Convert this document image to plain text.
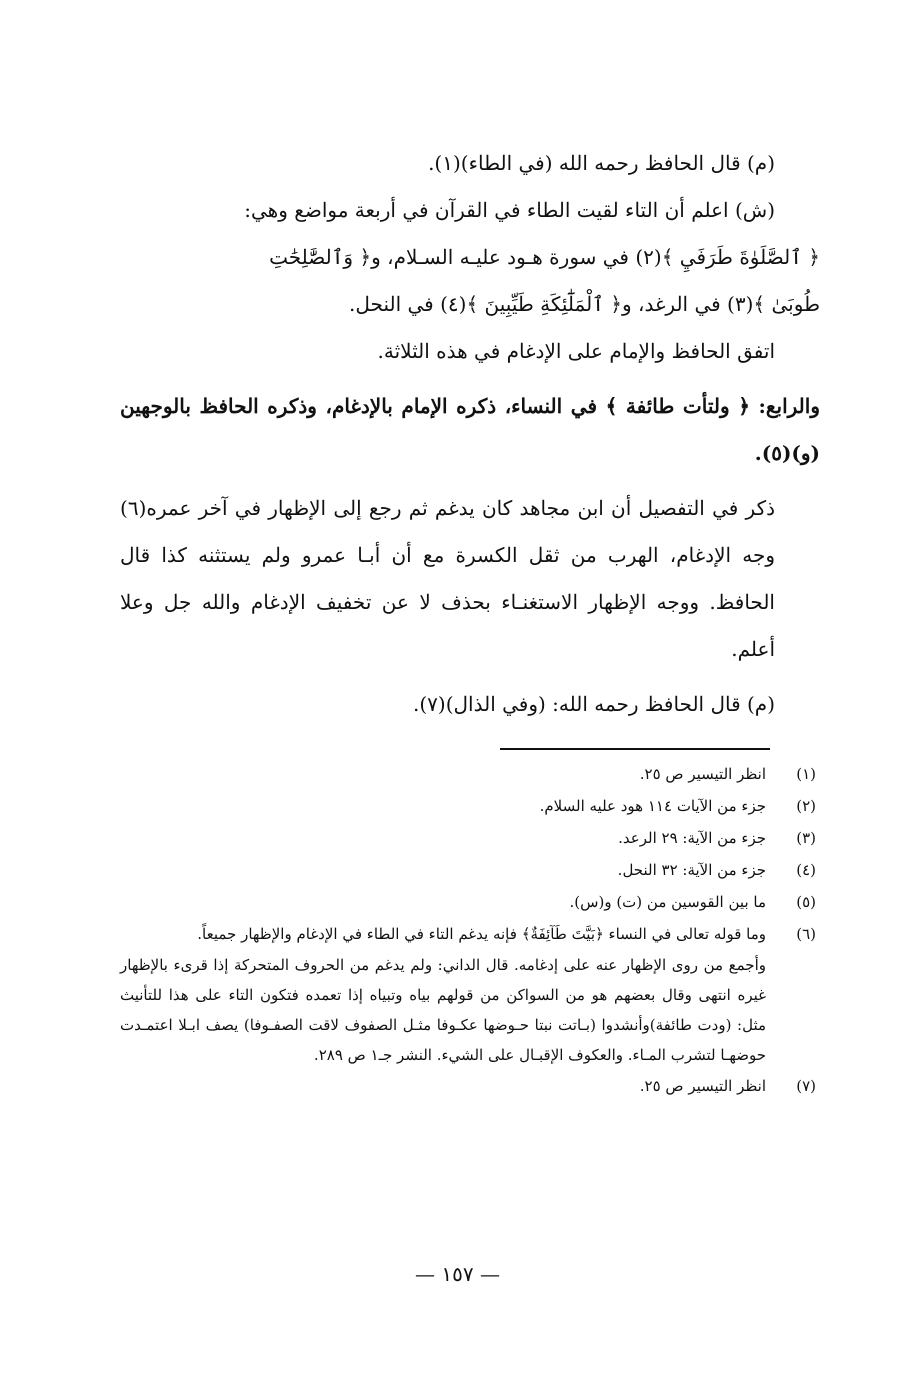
(م) قال الحافظ رحمه الله (في الطاء)(١).

(ش) اعلم أن التاء لقيت الطاء في القرآن في أربعة مواضع وهي:

﴿ ٱلصَّلَوٰةَ طَرَفَيِ ﴾(٢) في سورة هـود عليـه السـلام، و﴿ وَٱلصَّٰلِحَٰتِ

طُوبَىٰ ﴾(٣) في الرغد، و﴿ ٱلْمَلَٰٓئِكَةِ طَيِّبِينَ ﴾(٤) في النحل.

اتفق الحافظ والإمام على الإدغام في هذه الثلاثة.

والرابع: ﴿ ولتأت طائفة ﴾ في النساء، ذكره الإمام بالإدغام، وذكره الحافظ بالوجهين (و)(٥).

ذكر في التفصيل أن ابن مجاهد كان يدغم ثم رجع إلى الإظهار في آخر عمره(٦) وجه الإدغام، الهرب من ثقل الكسرة مع أن أبـا عمرو ولم يستثنه كذا قال الحافظ. ووجه الإظهار الاستغنـاء بحذف لا عن تخفيف الإدغام والله جل وعلا أعلم.

(م) قال الحافظ رحمه الله: (وفي الذال)(٧).

(١)
انظر التيسير ص ٢٥.
(٢)
جزء من الآيات ١١٤ هود عليه السلام.
(٣)
جزء من الآية: ٢٩ الرعد.
(٤)
جزء من الآية: ٣٢ النحل.
(٥)
ما بين القوسين من (ت) و(س).
(٦)
وما قوله تعالى في النساء ﴿بَيَّتَ طَآئِفَةٌ﴾ فإنه يدغم التاء في الطاء في الإدغام والإظهار جميعاً.
وأجمع من روى الإظهار عنه على إدغامه. قال الداني: ولم يدغم من الحروف المتحركة إذا قرىء بالإظهار غيره انتهى وقال بعضهم هو من السواكن من قولهم بياه وتبياه إذا تعمده فتكون التاء على هذا للتأنيث مثل: (ودت طائفة)وأنشدوا (بـاتت نبتا حـوضها عكـوفا مثـل الصفوف لاقت الصفـوفا) يصف ابـلا اعتمـدت حوضهـا لتشرب المـاء. والعكوف الإقبـال على الشيء. النشر جـ١ ص ٢٨٩.
(٧)
انظر التيسير ص ٢٥.
— ١٥٧ —
